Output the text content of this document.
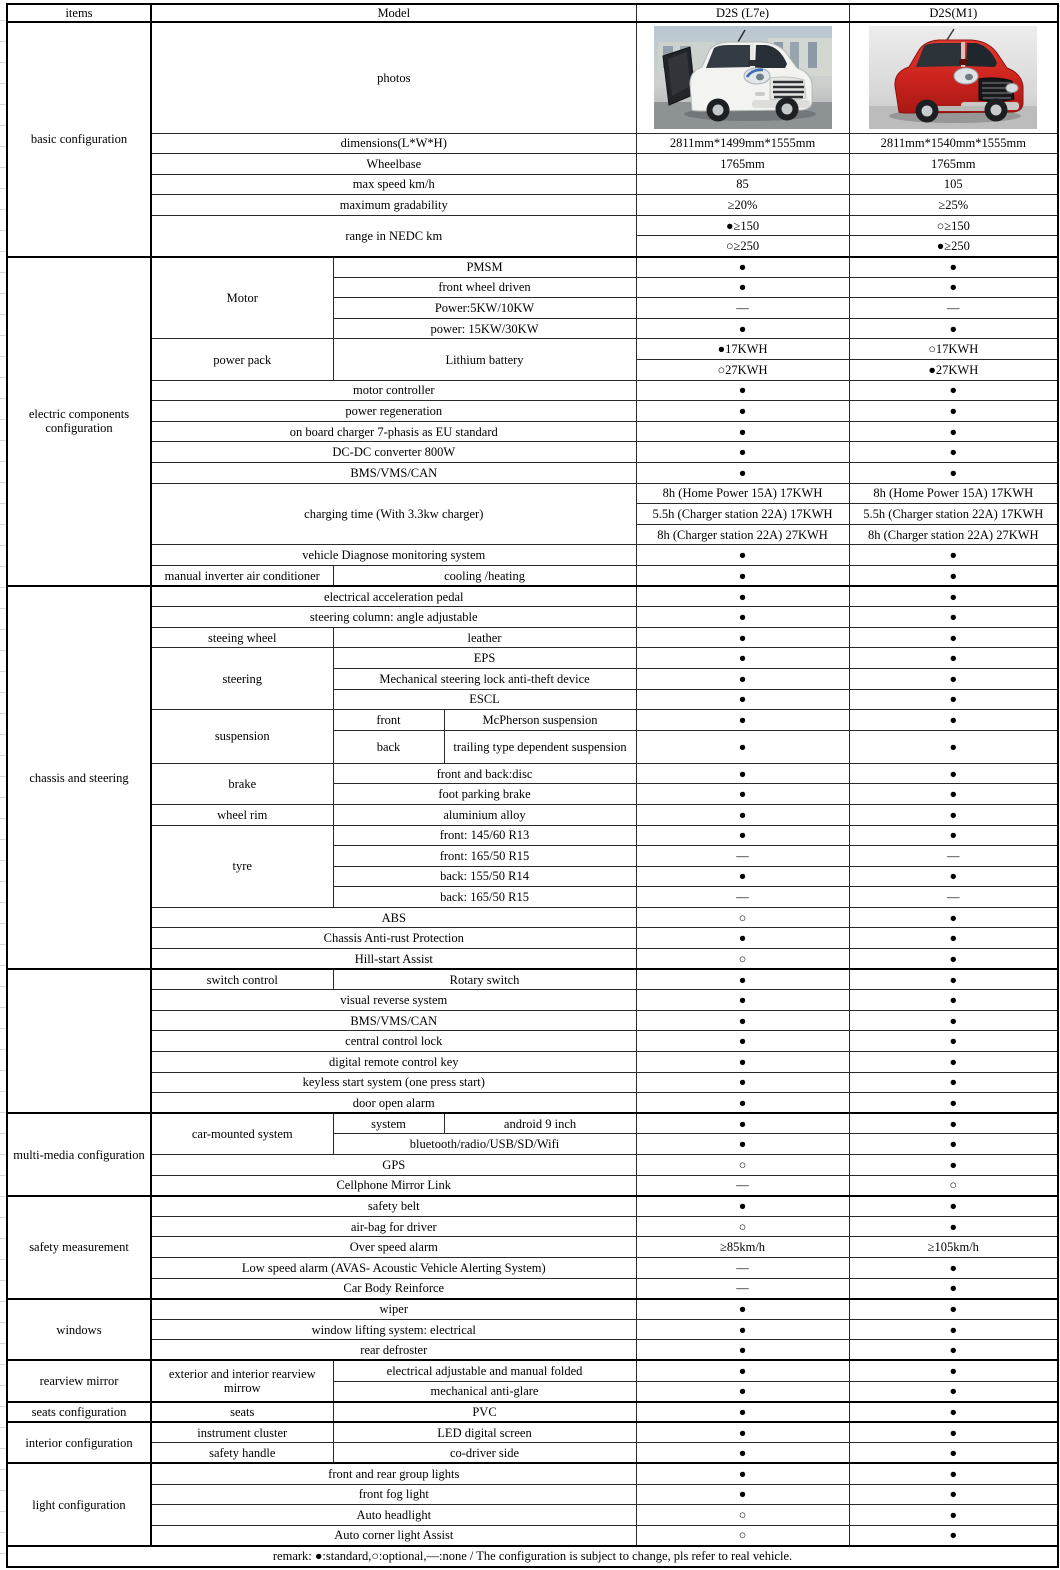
items	Model			D2S (L7e)	D2S(M1)
basic configuration	photos	

	dimensions(L*W*H)			2811mm*1499mm*1555mm	2811mm*1540mm*1555mm
	Wheelbase			1765mm	1765mm
	max speed km/h			85	105
	maximum gradability			≥20%	≥25%
	range in NEDC km			●≥150	○≥150
				○≥250	●≥250
electric components configuration	Motor	PMSM		●	●
		front wheel driven		●	●
		Power:5KW/10KW		—	—
		power: 15KW/30KW		●	●
	power pack	Lithium battery		●17KWH	○17KWH
				○27KWH	●27KWH
	motor controller			●	●
	power regeneration			●	●
	on board charger 7-phasis as EU standard			●	●
	DC-DC converter 800W			●	●
	BMS/VMS/CAN			●	●
	charging time (With 3.3kw charger)			8h (Home Power 15A) 17KWH	8h (Home Power 15A) 17KWH
				5.5h (Charger station 22A) 17KWH	5.5h (Charger station 22A) 17KWH
				8h (Charger station 22A) 27KWH	8h (Charger station 22A) 27KWH
	vehicle Diagnose monitoring system			●	●
	manual inverter air conditioner	cooling /heating		●	●
chassis and steering	electrical acceleration pedal			●	●
	steering column: angle adjustable			●	●
	steeing wheel	leather		●	●
	steering	EPS		●	●
		Mechanical steering lock anti-theft device		●	●
		ESCL		●	●
	suspension	front	McPherson suspension	●	●
		back	trailing type dependent suspension	●	●
	brake	front and back:disc		●	●
		foot parking brake		●	●
	wheel rim	aluminium alloy		●	●
	tyre	front: 145/60 R13		●	●
		front: 165/50 R15		—	—
		back: 155/50 R14		●	●
		back: 165/50 R15		—	—
	ABS			○	●
	Chassis Anti-rust Protection			●	●
	Hill-start Assist			○	●
	switch control	Rotary switch		●	●
	visual reverse system			●	●
	BMS/VMS/CAN			●	●
	central control lock			●	●
	digital remote control key			●	●
	keyless start system (one press start)			●	●
	door open alarm			●	●
multi-media configuration	car-mounted system	system	android 9 inch	●	●
		bluetooth/radio/USB/SD/Wifi		●	●
	GPS			○	●
	Cellphone Mirror Link			—	○
safety measurement	safety belt			●	●
	air-bag for driver			○	●
	Over speed alarm			≥85km/h	≥105km/h
	Low speed alarm (AVAS- Acoustic Vehicle Alerting System)			—	●
	Car Body Reinforce			—	●
windows	wiper			●	●
	window lifting system: electrical			●	●
	rear defroster			●	●
rearview mirror	exterior and interior rearview mirrow	electrical adjustable and manual folded		●	●
		mechanical anti-glare		●	●
seats configuration	seats	PVC		●	●
interior configuration	instrument cluster	LED digital screen		●	●
	safety handle	co-driver side		●	●
light configuration	front and rear group lights			●	●
	front fog light			●	●
	Auto headlight			○	●
	Auto corner light Assist			○	●
remark: ●:standard,○:optional,—:none / The configuration is subject to change, pls refer to real vehicle.					
